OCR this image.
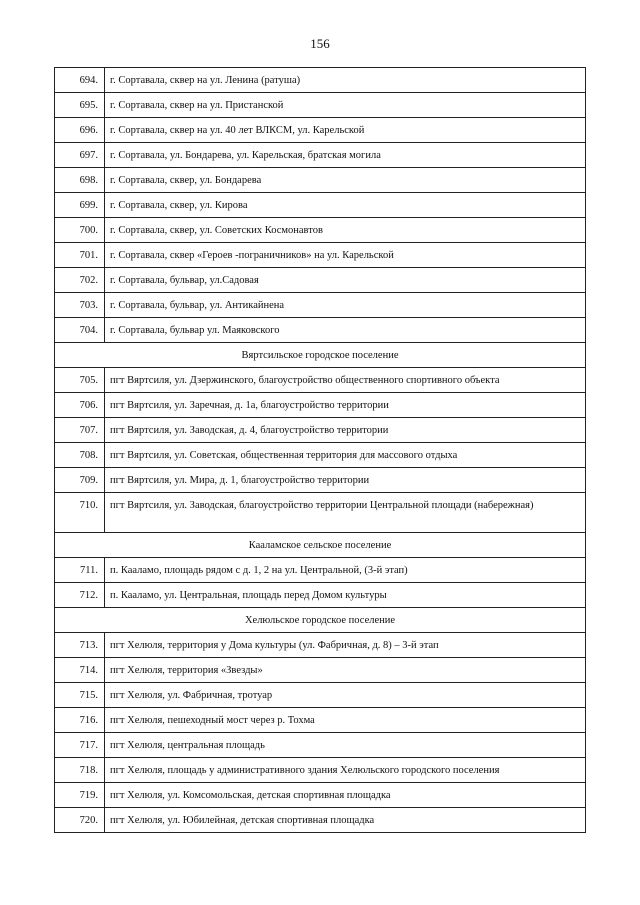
156
694.	г. Сортавала, сквер на ул. Ленина (ратуша)
695.	г. Сортавала, сквер на ул. Пристанской
696.	г. Сортавала, сквер на ул. 40 лет ВЛКСМ, ул. Карельской
697.	г. Сортавала, ул. Бондарева, ул. Карельская, братская могила
698.	г. Сортавала, сквер, ул. Бондарева
699.	г. Сортавала, сквер, ул. Кирова
700.	г. Сортавала, сквер, ул. Советских Космонавтов
701.	г. Сортавала, сквер «Героев -пограничников» на ул. Карельской
702.	г. Сортавала, бульвар, ул.Садовая
703.	г. Сортавала, бульвар, ул. Антикайнена
704.	г. Сортавала, бульвар ул. Маяковского
Вяртсильское городское поселение	
705.	пгт Вяртсиля, ул. Дзержинского, благоустройство общественного спортивного объекта
706.	пгт Вяртсиля, ул. Заречная, д. 1а, благоустройство территории
707.	пгт Вяртсиля, ул. Заводская, д. 4, благоустройство территории
708.	пгт Вяртсиля, ул. Советская, общественная территория для массового отдыха
709.	пгт Вяртсиля, ул. Мира, д. 1, благоустройство территории
710.	пгт Вяртсиля, ул. Заводская, благоустройство территории Центральной площади (набережная)
Кааламское сельское поселение	
711.	п. Кааламо, площадь рядом с д. 1, 2 на ул. Центральной, (3-й этап)
712.	п. Кааламо, ул. Центральная, площадь перед Домом культуры
Хелюльское городское поселение	
713.	пгт Хелюля, территория у Дома культуры (ул. Фабричная, д. 8) – 3-й этап
714.	пгт Хелюля, территория «Звезды»
715.	пгт Хелюля, ул. Фабричная, тротуар
716.	пгт Хелюля, пешеходный мост через р. Тохма
717.	пгт Хелюля, центральная площадь
718.	пгт Хелюля, площадь у административного здания Хелюльского городского поселения
719.	пгт Хелюля, ул. Комсомольская, детская спортивная площадка
720.	пгт Хелюля, ул. Юбилейная, детская спортивная площадка
